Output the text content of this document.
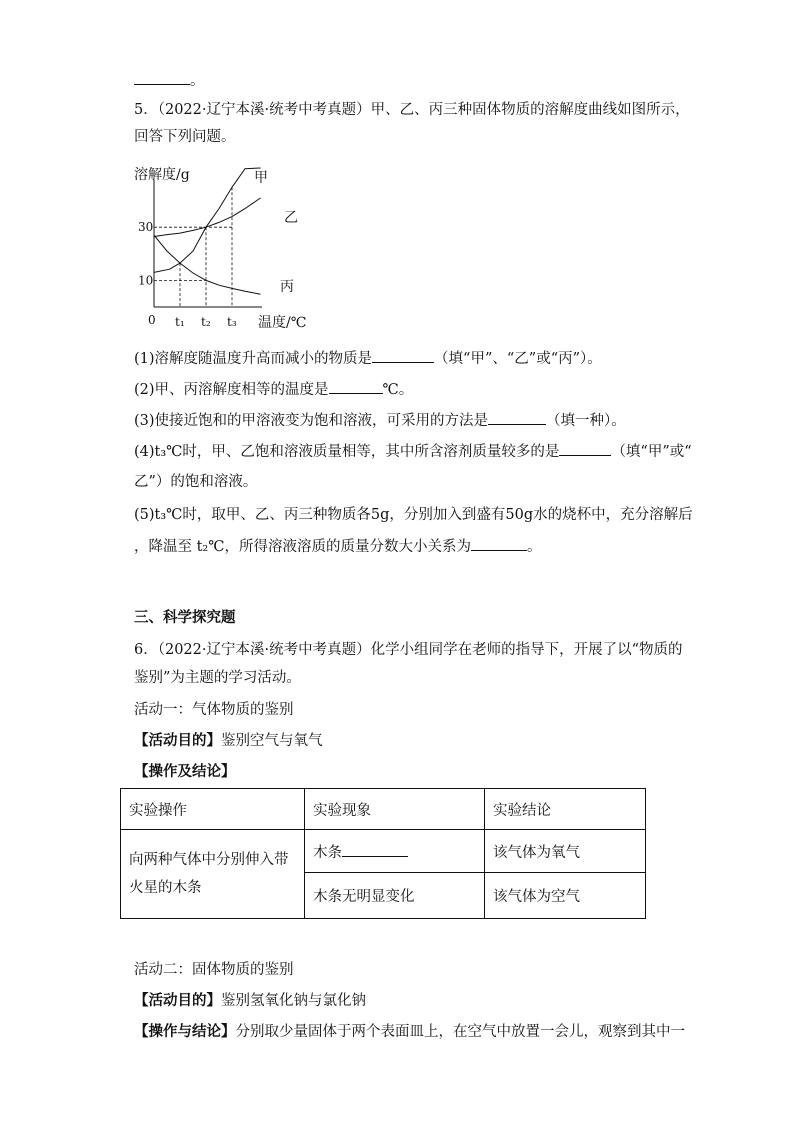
。
5．（2022·辽宁本溪·统考中考真题）甲、乙、丙三种固体物质的溶解度曲线如图所示，
回答下列问题。
溶解度/g
温度/℃
0
30
10
t₁ t₂ t₃
甲
乙
丙
(1)溶解度随温度升高而减小的物质是	（填“甲”、“乙”或“丙”）。
(2)甲、丙溶解度相等的温度是	℃。
(3)使接近饱和的甲溶液变为饱和溶液，可采用的方法是	（填一种）。
(4)t₃℃时，甲、乙饱和溶液质量相等，其中所含溶剂质量较多的是	（填“甲”或“
乙”）的饱和溶液。
(5)t₃℃时，取甲、乙、丙三种物质各5g，分别加入到盛有50g水的烧杯中，充分溶解后
，降温至 t₂℃，所得溶液溶质的质量分数大小关系为	。
三、科学探究题
6．（2022·辽宁本溪·统考中考真题）化学小组同学在老师的指导下，开展了以“物质的
鉴别”为主题的学习活动。
活动一：气体物质的鉴别
【活动目的】鉴别空气与氧气
【操作及结论】
实验操作	实验现象	实验结论

向两种气体中分别伸入带
火星的木条	木条	该气体为氧气
	木条无明显变化	该气体为空气
活动二：固体物质的鉴别
【活动目的】鉴别氢氧化钠与氯化钠
【操作与结论】分别取少量固体于两个表面皿上，在空气中放置一会儿，观察到其中一
